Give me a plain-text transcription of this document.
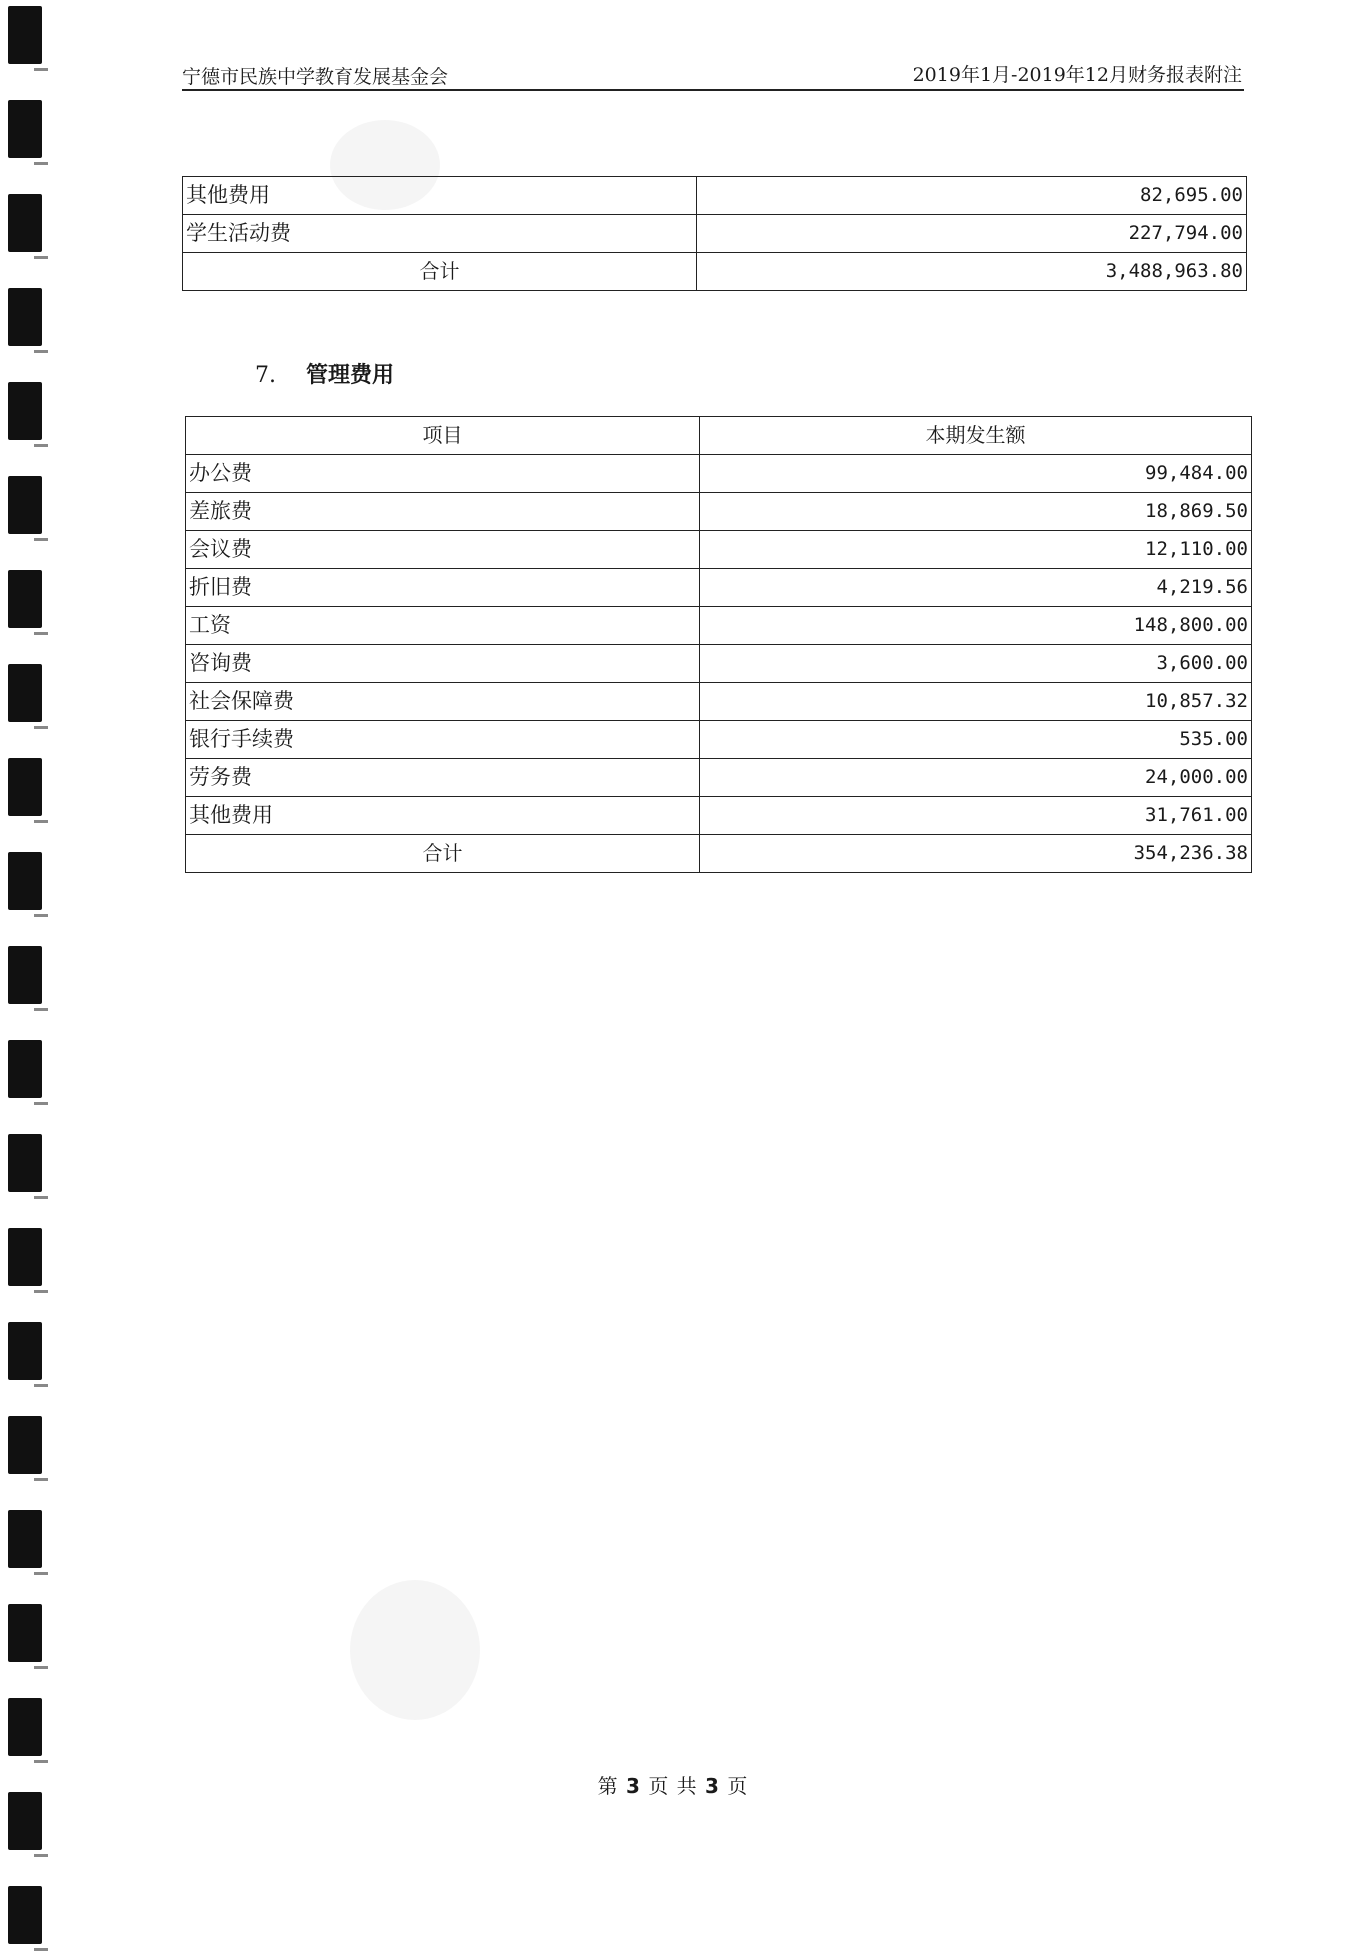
宁德市民族中学教育发展基金会	2019年1月-2019年12月财务报表附注
其他费用	82,695.00
学生活动费	227,794.00
合计	3,488,963.80
7. 管理费用
项目	本期发生额
办公费	99,484.00
差旅费	18,869.50
会议费	12,110.00
折旧费	4,219.56
工资	148,800.00
咨询费	3,600.00
社会保障费	10,857.32
银行手续费	535.00
劳务费	24,000.00
其他费用	31,761.00
合计	354,236.38
第 3 页 共 3 页
